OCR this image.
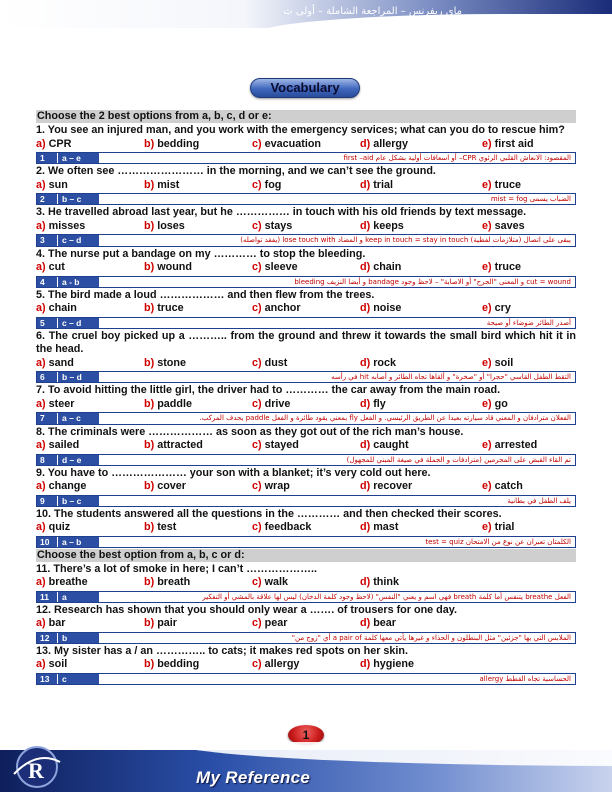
ماي ريفرنس – المراجعة الشاملة – أولى ث
Vocabulary
Choose the 2 best options from a, b, c, d or e:
1. You see an injured man, and you work with the emergency services; what can you do to rescue him?
a) CPR	b) bedding	c) evacuation	d) allergy	e) first aid
1	a – e	المقصود: الانعاش القلبي الرئوي CPR– أو اسعافات أولية بشكل عام first –aid
2. We often see …………………… in the morning, and we can’t see the ground.
a) sun	b) mist	c) fog	d) trial	e) truce
2	b – c	الضباب يسمى mist = fog
3. He travelled abroad last year, but he …………… in touch with his old friends by text message.
a) misses	b) loses	c) stays	d) keeps	e) saves
3	c – d	يبقى على اتصال (متلازمات لفظية) keep in touch = stay in touch و المضاد lose touch with (يفقد تواصله)
4. The nurse put a bandage on my ………… to stop the bleeding.
a) cut	b) wound	c) sleeve	d) chain	e) truce
4	a - b	cut = wound و المعنى "الجرح" أو الاصابة" – لاحظ وجود bandage و أيضا النزيف bleeding
5. The bird made a loud ……………… and then flew from the trees.
a) chain	b) truce	c) anchor	d) noise	e) cry
5	c – d	أصدر الطائر ضوضاء أو صيحة
6. The cruel boy picked up a ……….. from the ground and threw it towards the small bird which hit it in the head.
a) sand	b) stone	c) dust	d) rock	e) soil
6	b – d	التقط الطفل القاسي "حجرا" أو "صخرة" و ألقاها تجاه الطائر و أصابه hit في رأسه
7. To avoid hitting the little girl, the driver had to ………… the car away from the main road.
a) steer	b) paddle	c) drive	d) fly	e) go
7	a – c	الفعلان مترادفان و المعني قاد سيارته بعيدا عن الطريق الرئيسي. و الفعل fly بمعني يقود طائرة و الفعل paddle يجدف المركب.
8. The criminals were ……………… as soon as they got out of the rich man’s house.
a) sailed	b) attracted	c) stayed	d) caught	e) arrested
8	d – e	تم القاء القبض على المجرمين (مترادفات و الجملة في صيغة المبني للمجهول)
9. You have to ………………… your son with a blanket; it’s very cold out here.
a) change	b) cover	c) wrap	d) recover	e) catch
9	b – c	يلف الطفل في بطانية
10. The students answered all the questions in the ………… and then checked their scores.
a) quiz	b) test	c) feedback	d) mast	e) trial
10	a – b	الكلمتان تعبران عن نوع من الامتحان test = quiz
Choose the best option from a, b, c or d:
11. There’s a lot of smoke in here; I can’t ………………..
a) breathe	b) breath	c) walk	d) think
11	a	الفعل breathe يتنفس أما كلمة breath فهي اسم و يعني "النفس" (لاحظ وجود كلمة الدخان) ليس لها علاقة بالمشي أو التفكير
12. Research has shown that you should only wear a ……. of trousers for one day.
a) bar	b) pair	c) pear	d) bear
12	b	الملابس التي بها "جزئين" مثل البنطلون و الحذاء و غيرها يأتي معها كلمة a pair of أي "زوج من"
13. My sister has a / an ………….. to cats; it makes red spots on her skin.
a) soil	b) bedding	c) allergy	d) hygiene
13	c	الحساسية تجاه القطط allergy
1
My Reference
R
